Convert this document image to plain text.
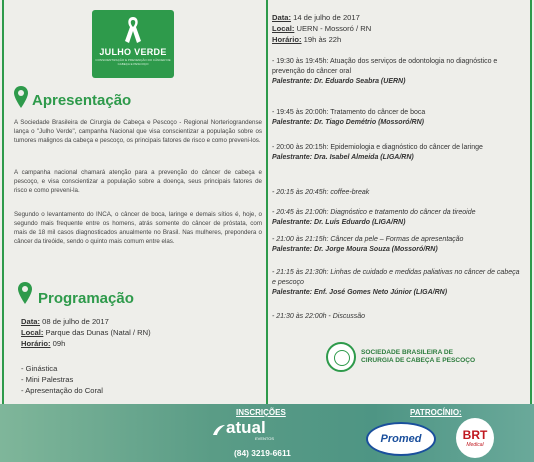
JULHO VERDE
CONSCIENTIZAÇÃO E PREVENÇÃO DO CÂNCER DE CABEÇA E PESCOÇO
Apresentação
A Sociedade Brasileira de Cirurgia de Cabeça e Pescoço - Regional Norteriograndense lança o "Julho Verde", campanha Nacional que visa conscientizar a população sobre os tumores malignos da cabeça e pescoço, os principais fatores de risco e como preveni-los.
A campanha nacional chamará atenção para a prevenção do câncer de cabeça e pescoço, e visa conscientizar a população sobre a doença, seus principais fatores de risco e como preveni-la.
Segundo o levantamento do INCA, o câncer de boca, laringe e demais sítios é, hoje, o segundo mais frequente entre os homens, atrás somente do câncer de próstata, com mais de 18 mil casos diagnosticados anualmente no Brasil. Nas mulheres, prepondera o câncer da tireóide, sendo o quinto mais comum entre elas.
Programação
Data: 08 de julho de 2017
Local: Parque das Dunas (Natal / RN)
Horário: 09h
- Ginástica
- Mini Palestras
- Apresentação do Coral
Data: 14 de julho de 2017
Local: UERN - Mossoró / RN
Horário: 19h às 22h
- 19:30 às 19:45h: Atuação dos serviços de odontologia no diagnóstico e prevenção do câncer oral
Palestrante: Dr. Eduardo Seabra (UERN)
- 19:45 às 20:00h: Tratamento do câncer de boca
Palestrante: Dr. Tiago Demétrio (Mossoró/RN)
- 20:00 às 20:15h: Epidemiologia e diagnóstico do câncer de laringe
Palestrante: Dra. Isabel Almeida (LIGA/RN)
- 20:15 às 20:45h: coffee-break
- 20:45 às 21:00h: Diagnóstico e tratamento do câncer da tireoide
Palestrante: Dr. Luís Eduardo (LIGA/RN)
- 21:00 às 21:15h: Câncer da pele – Formas de apresentação
Palestrante: Dr. Jorge Moura Souza (Mossoró/RN)
- 21:15 às 21:30h: Linhas de cuidado e medidas paliativas no câncer de cabeça e pescoço
Palestrante: Enf. José Gomes Neto Júnior (LIGA/RN)
- 21:30 às 22:00h - Discussão
SOCIEDADE BRASILEIRA DE
CIRURGIA DE CABEÇA E PESCOÇO
INSCRIÇÕES
atual
EVENTOS
(84) 3219-6611
PATROCÍNIO:
Promed	BRT
Medical
